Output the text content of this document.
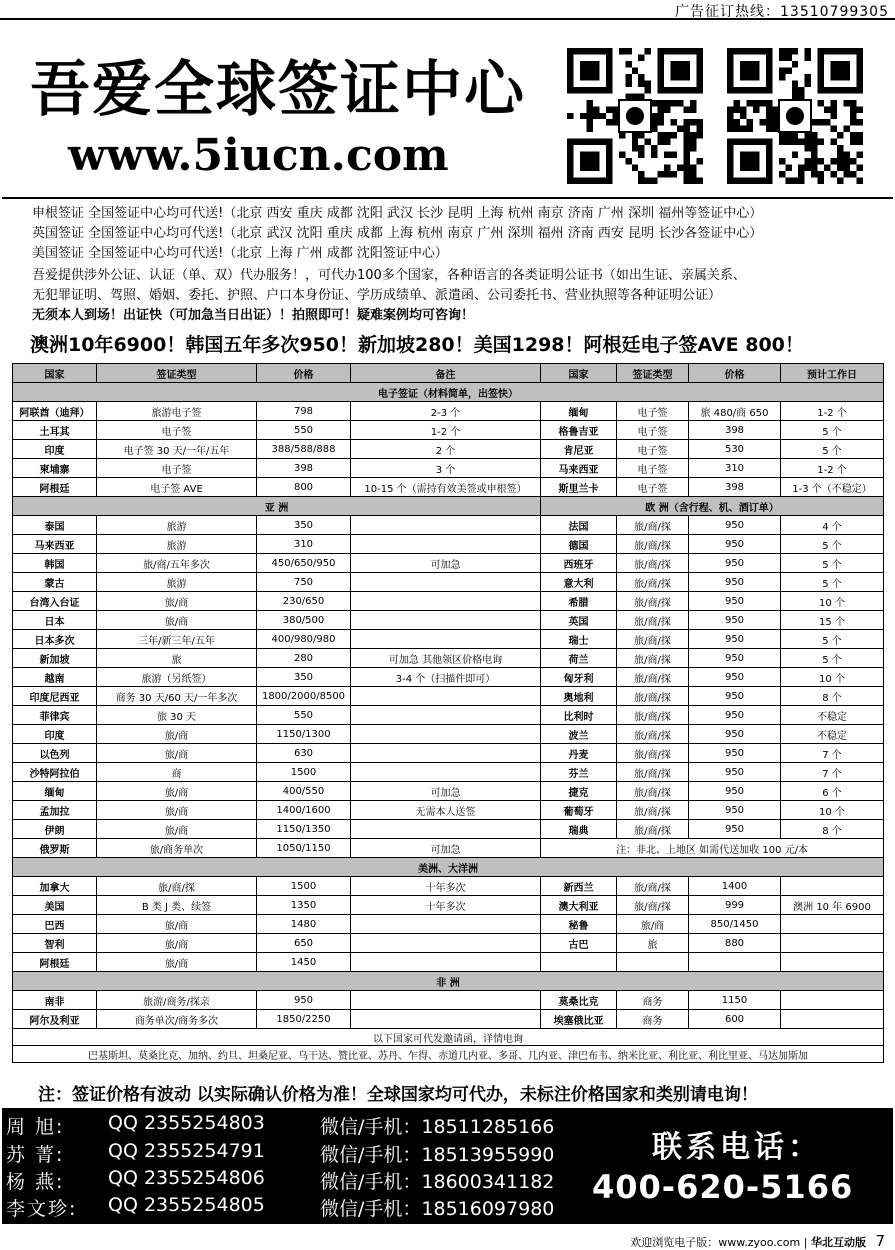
广告征订热线：13510799305
吾爱全球签证中心
www.5iucn.com
申根签证 全国签证中心均可代送!（北京 西安 重庆 成都 沈阳 武汉 长沙 昆明 上海 杭州 南京 济南 广州 深圳 福州等签证中心）
英国签证 全国签证中心均可代送!（北京 武汉 沈阳 重庆 成都 上海 杭州 南京 广州 深圳 福州 济南 西安 昆明 长沙各签证中心）
美国签证 全国签证中心均可代送!（北京 上海 广州 成都 沈阳签证中心）
吾爱提供涉外公证、认证（单、双）代办服务！，可代办100多个国家，各种语言的各类证明公证书（如出生证、亲属关系、
无犯罪证明、驾照、婚姻、委托、护照、户口本身份证、学历成绩单、派遣函、公司委托书、营业执照等各种证明公证）
无须本人到场！出证快（可加急当日出证）！拍照即可！疑难案例均可咨询！
澳洲10年6900！韩国五年多次950！新加坡280！美国1298！阿根廷电子签AVE 800！
国家	签证类型	价格	备注	国家	签证类型	价格	预计工作日
电子签证（材料简单，出签快）							
阿联酋（迪拜）	旅游电子签	798	2-3 个	缅甸	电子签	旅 480/商 650	1-2 个
土耳其	电子签	550	1-2 个	格鲁吉亚	电子签	398	5 个
印度	电子签 30 天/一年/五年	388/588/888	2 个	肯尼亚	电子签	530	5 个
柬埔寨	电子签	398	3 个	马来西亚	电子签	310	1-2 个
阿根廷	电子签 AVE	800	10-15 个（需持有效美签或申根签）	斯里兰卡	电子签	398	1-3 个（不稳定）
亚 洲				欧 洲（含行程、机、酒订单）			
泰国	旅游	350		法国	旅/商/探	950	4 个
马来西亚	旅游	310		德国	旅/商/探	950	5 个
韩国	旅/商/五年多次	450/650/950	可加急	西班牙	旅/商/探	950	5 个
蒙古	旅游	750		意大利	旅/商/探	950	5 个
台湾入台证	旅/商	230/650		希腊	旅/商/探	950	10 个
日本	旅/商	380/500		英国	旅/商/探	950	15 个
日本多次	三年/新三年/五年	400/980/980		瑞士	旅/商/探	950	5 个
新加坡	旅	280	可加急 其他领区价格电询	荷兰	旅/商/探	950	5 个
越南	旅游（另纸签）	350	3-4 个（扫描件即可）	匈牙利	旅/商/探	950	10 个
印度尼西亚	商务 30 天/60 天/一年多次	1800/2000/8500		奥地利	旅/商/探	950	8 个
菲律宾	旅 30 天	550		比利时	旅/商/探	950	不稳定
印度	旅/商	1150/1300		波兰	旅/商/探	950	不稳定
以色列	旅/商	630		丹麦	旅/商/探	950	7 个
沙特阿拉伯	商	1500		芬兰	旅/商/探	950	7 个
缅甸	旅/商	400/550	可加急	捷克	旅/商/探	950	6 个
孟加拉	旅/商	1400/1600	无需本人送签	葡萄牙	旅/商/探	950	10 个
伊朗	旅/商	1150/1350		瑞典	旅/商/探	950	8 个
俄罗斯	旅/商务单次	1050/1150	可加急	注：非北、上地区 如需代送加收 100 元/本			
美洲、大洋洲							
加拿大	旅/商/探	1500	十年多次	新西兰	旅/商/探	1400	
美国	B 类 J 类、续签	1350	十年多次	澳大利亚	旅/商/探	999	澳洲 10 年 6900
巴西	旅/商	1480		秘鲁	旅/商	850/1450	
智利	旅/商	650		古巴	旅	880	
阿根廷	旅/商	1450					
非 洲							
南非	旅游/商务/探亲	950		莫桑比克	商务	1150	
阿尔及利亚	商务单次/商务多次	1850/2250		埃塞俄比亚	商务	600	
以下国家可代发邀请函，详情电询							
巴基斯坦、莫桑比克、加纳、约旦、坦桑尼亚、乌干达、赞比亚、苏丹、乍得、赤道几内亚、多哥、几内亚、津巴布韦、纳米比亚、利比亚、利比里亚、马达加斯加							
注：签证价格有波动 以实际确认价格为准！全球国家均可代办，未标注价格国家和类别请电询！
周 旭:	QQ 2355254803	微信/手机：18511285166
苏 菁:	QQ 2355254791	微信/手机：18513955990
杨 燕:	QQ 2355254806	微信/手机：18600341182
李文珍:	QQ 2355254805	微信/手机：18516097980
联系电话：
400-620-5166
欢迎浏览电子版：www.zyoo.com | 华北互动版 7
